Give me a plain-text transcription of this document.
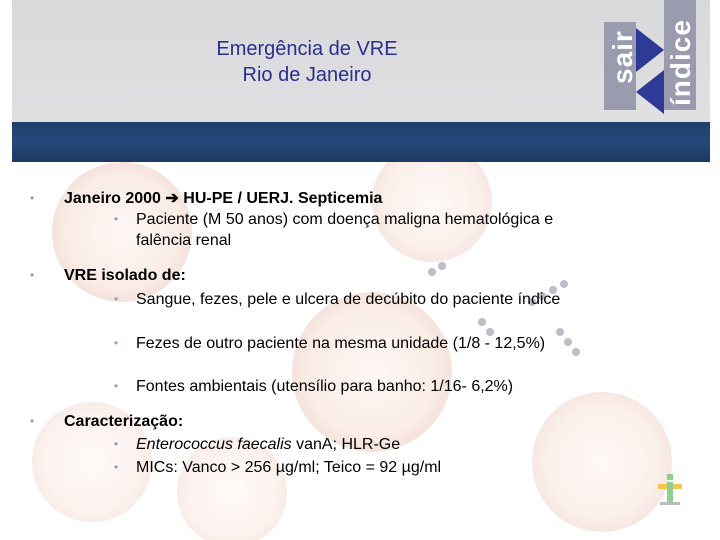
Emergência de VRE
Rio de Janeiro	sair índice
• Janeiro 2000 ➔ HU-PE / UERJ. Septicemia
• Paciente (M 50 anos) com doença maligna hematológica e falência renal
• VRE isolado de:
• Sangue, fezes, pele e ulcera de decúbito do paciente índice
• Fezes de outro paciente na mesma unidade (1/8 - 12,5%)
• Fontes ambientais (utensílio para banho: 1/16- 6,2%)
• Caracterização:
• Enterococcus faecalis vanA; HLR-Ge
• MICs: Vanco > 256 µg/ml; Teico = 92 µg/ml
